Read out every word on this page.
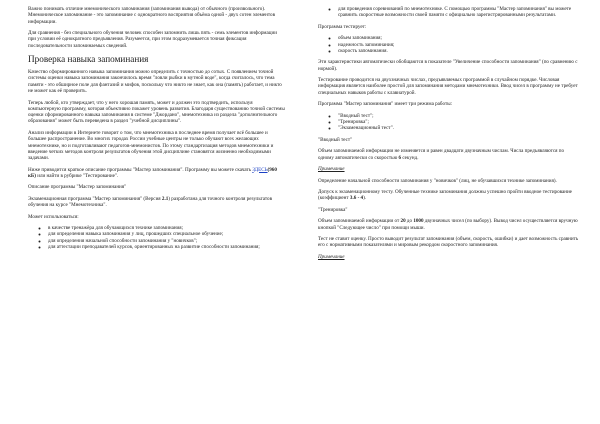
Важно понимать отличие мнемонического запоминания (запоминания вывода) от обычного (произвольного). Мнемоническое запоминание - это запоминание с однократного восприятия объёма одной - двух сотен элементов информации.

Для сравнения - без специального обучения человек способен запомнить лишь пять - семь элементов информации при условии её однократного предъявления. Разумеется, при этом подразумевается точная фиксация последовательности запоминаемых сведений.

Проверка навыка запоминания

Качество сформированного навыка запоминания можно определить с точностью до сотых. С появлением точной системы оценки навыка запоминания закончилось время "ловли рыбки в мутной воде", когда считалось, что тема памяти - это обширное поле для фантазий и мифов, поскольку что никто не знает, как она (память) работает, и никто не может как её проверить.

Теперь любой, кто утверждает, что у него хорошая память, может и должен это подтвердить, используя компьютерную программу, которая объективно покажет уровень развития. Благодаря существованию точной системы оценки сформированного навыка запоминания в системе "Джордано", мнемотехника из раздела "дополнительного образования" может быть переведена в раздел "учебной дисциплины".

Анализ информации в Интернете говорит о том, что мнемотехника в последнее время получает всё большее и большее распространение. Во многих городах России учебные центры не только обучают всех желающих мнемотехнике, но и подготавливают педагогов-мнемонистов. По этому стандартизация методов мнемотехники и введение четких методов контроля результатов обучения этой дисциплине становятся жизненно необходимыми задачами.

Ниже приводится краткое описание программы "Мастер запоминания". Программу вы можете скачать ЗДЕСЬ(960 кБ) или найти в рубрике "Тестирование".

Описание программы "Мастер запоминания"

Экзаменационная программа "Мастер запоминания" (Версия 2.1) разработана для точного контроля результатов обучения на курсе "Мнемотехника".

Может использоваться:

◦ в качестве тренажёра для обучающихся технике запоминания;
◦ для определения навыка запоминания у лиц, прошедших специальное обучение;
◦ для определения начальной способности запоминания у "новичков";
◦ для аттестации преподавателей курсов, ориентированных на развитие способности запоминания;
◦ для проведения соревнований по мнемотехнике. С помощью программы "Мастер запоминания" вы можете сравнить скоростные возможности своей памяти с официально зарегистрированными результатами.

Программа тестирует:

◦ объем запоминания;
◦ надежность запоминания;
◦ скорость запоминания.

Эти характеристики автоматически обобщаются в показателе "Увеличение способности запоминания" (по сравнению с нормой).

Тестирование проводится на двухзначных числах, предъявляемых программой в случайном порядке. Числовая информация является наиболее простой для запоминания методами мнемотехники. Ввод чисел в программу не требует специальных навыков работы с клавиатурой.

Программа "Мастер запоминания" имеет три режима работы:

◦ "Вводный тест";
◦ "Тренировка";
◦ "Экзаменационный тест".

"Вводный тест"

Объем запоминаемой информации не изменяется и равен двадцати двузначным числам. Числа предъявляются по одному автоматически со скоростью 6 секунд.

Примечание

Определение начальной способности запоминания у "новичков" (лиц, не обучавшихся технике запоминания).

Допуск к экзаменационному тесту. Обученные технике запоминания должны успешно пройти вводное тестирование (коэффициент 3.6 - 4).

"Тренировка"

Объем запоминаемой информации от 20 до 1000 двузначных чисел (по выбору). Вывод чисел осуществляется вручную кнопкой "Следующее число" при помощи мыши.

Тест не ставит оценку. Просто выводит результат запоминания (объем, скорость, ошибки) и дает возможность сравнить его с нормативными показателями и мировым рекордом скоростного запоминания.

Примечание
